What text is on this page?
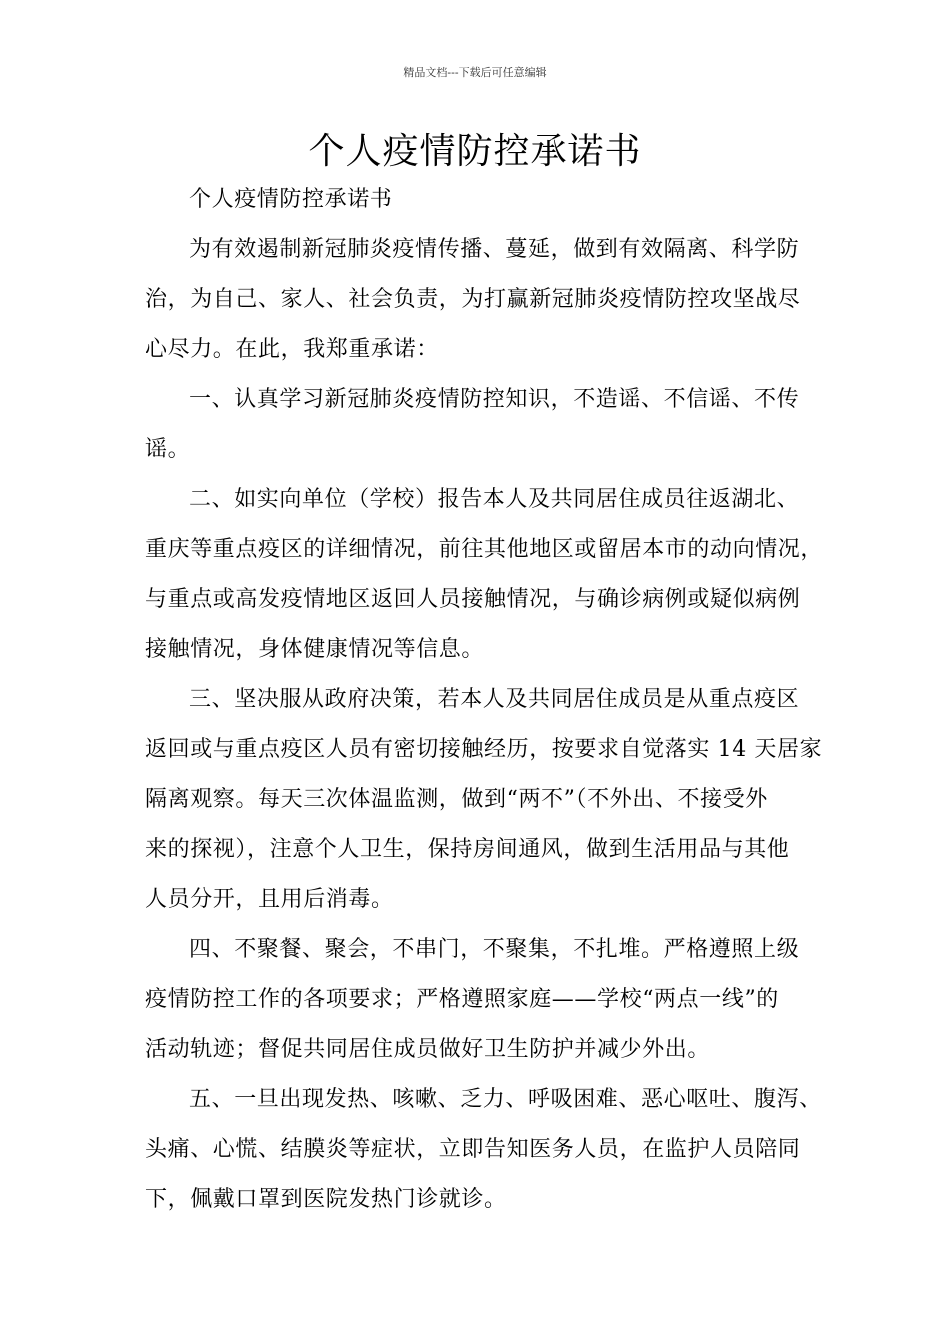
精品文档---下载后可任意编辑
个人疫情防控承诺书

个人疫情防控承诺书

为有效遏制新冠肺炎疫情传播、蔓延，做到有效隔离、科学防
治，为自己、家人、社会负责，为打赢新冠肺炎疫情防控攻坚战尽
心尽力。在此，我郑重承诺：

一、认真学习新冠肺炎疫情防控知识，不造谣、不信谣、不传
谣。

二、如实向单位（学校）报告本人及共同居住成员往返湖北、
重庆等重点疫区的详细情况，前往其他地区或留居本市的动向情况，
与重点或高发疫情地区返回人员接触情况，与确诊病例或疑似病例
接触情况，身体健康情况等信息。

三、坚决服从政府决策，若本人及共同居住成员是从重点疫区
返回或与重点疫区人员有密切接触经历，按要求自觉落实 14 天居家
隔离观察。每天三次体温监测，做到“两不”（不外出、不接受外
来的探视），注意个人卫生，保持房间通风，做到生活用品与其他
人员分开，且用后消毒。

四、不聚餐、聚会，不串门，不聚集，不扎堆。严格遵照上级
疫情防控工作的各项要求；严格遵照家庭——学校“两点一线”的
活动轨迹；督促共同居住成员做好卫生防护并减少外出。

五、一旦出现发热、咳嗽、乏力、呼吸困难、恶心呕吐、腹泻、
头痛、心慌、结膜炎等症状，立即告知医务人员，在监护人员陪同
下，佩戴口罩到医院发热门诊就诊。
